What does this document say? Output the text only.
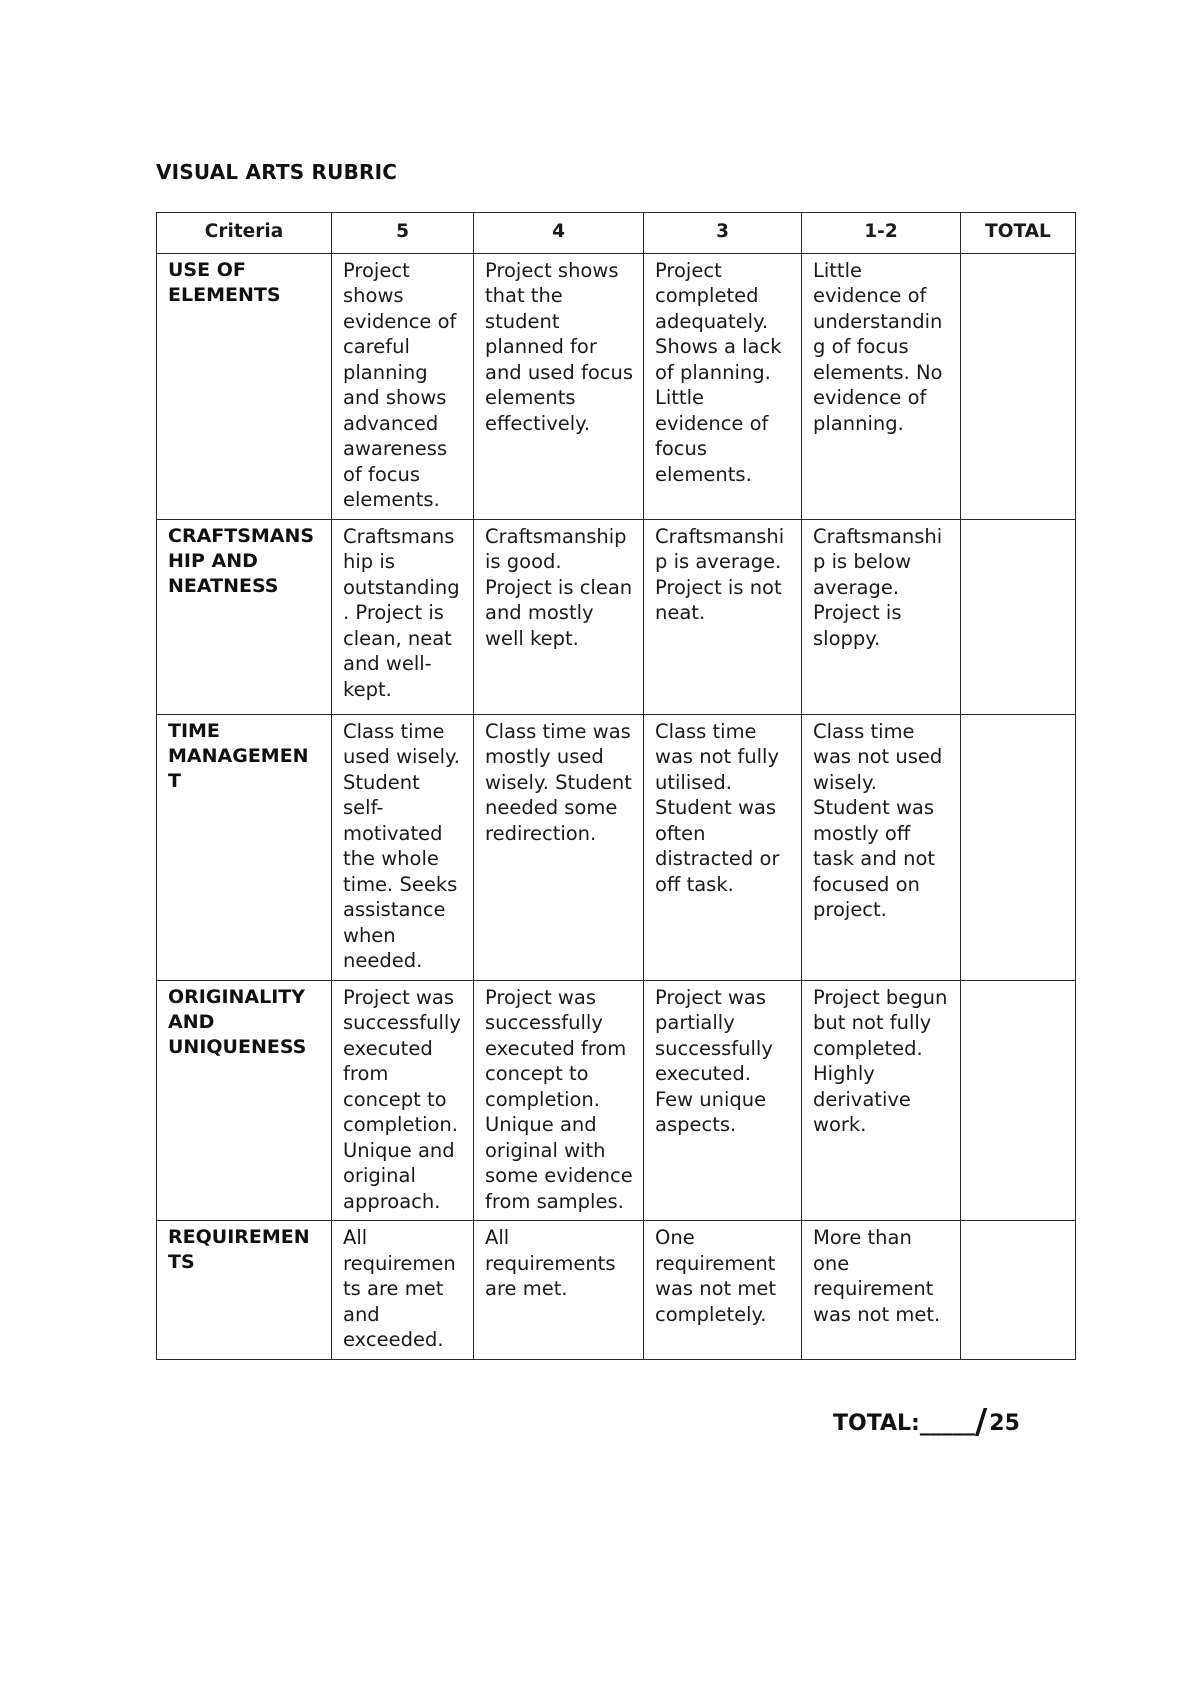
VISUAL ARTS RUBRIC
Criteria	5	4	3	1-2	TOTAL
USE OF ELEMENTS	Project shows evidence of careful planning and shows advanced awareness of focus elements.	Project shows that the student planned for and used focus elements effectively.	Project completed adequately. Shows a lack of planning. Little evidence of focus elements.	Little evidence of understanding of focus elements. No evidence of planning.	
CRAFTSMANSHIP AND NEATNESS	Craftsmanship is outstanding. Project is clean, neat and well-kept.	Craftsmanship is good. Project is clean and mostly well kept.	Craftsmanship is average. Project is not neat.	Craftsmanship is below average. Project is sloppy.	
TIME MANAGEMENT	Class time used wisely. Student self-motivated the whole time. Seeks assistance when needed.	Class time was mostly used wisely. Student needed some redirection.	Class time was not fully utilised. Student was often distracted or off task.	Class time was not used wisely. Student was mostly off task and not focused on project.	
ORIGINALITY AND UNIQUENESS	Project was successfully executed from concept to completion. Unique and original approach.	Project was successfully executed from concept to completion. Unique and original with some evidence from samples.	Project was partially successfully executed. Few unique aspects.	Project begun but not fully completed. Highly derivative work.	
REQUIREMENTS	All requirements are met and exceeded.	All requirements are met.	One requirement was not met completely.	More than one requirement was not met.	
TOTAL:_____/25
